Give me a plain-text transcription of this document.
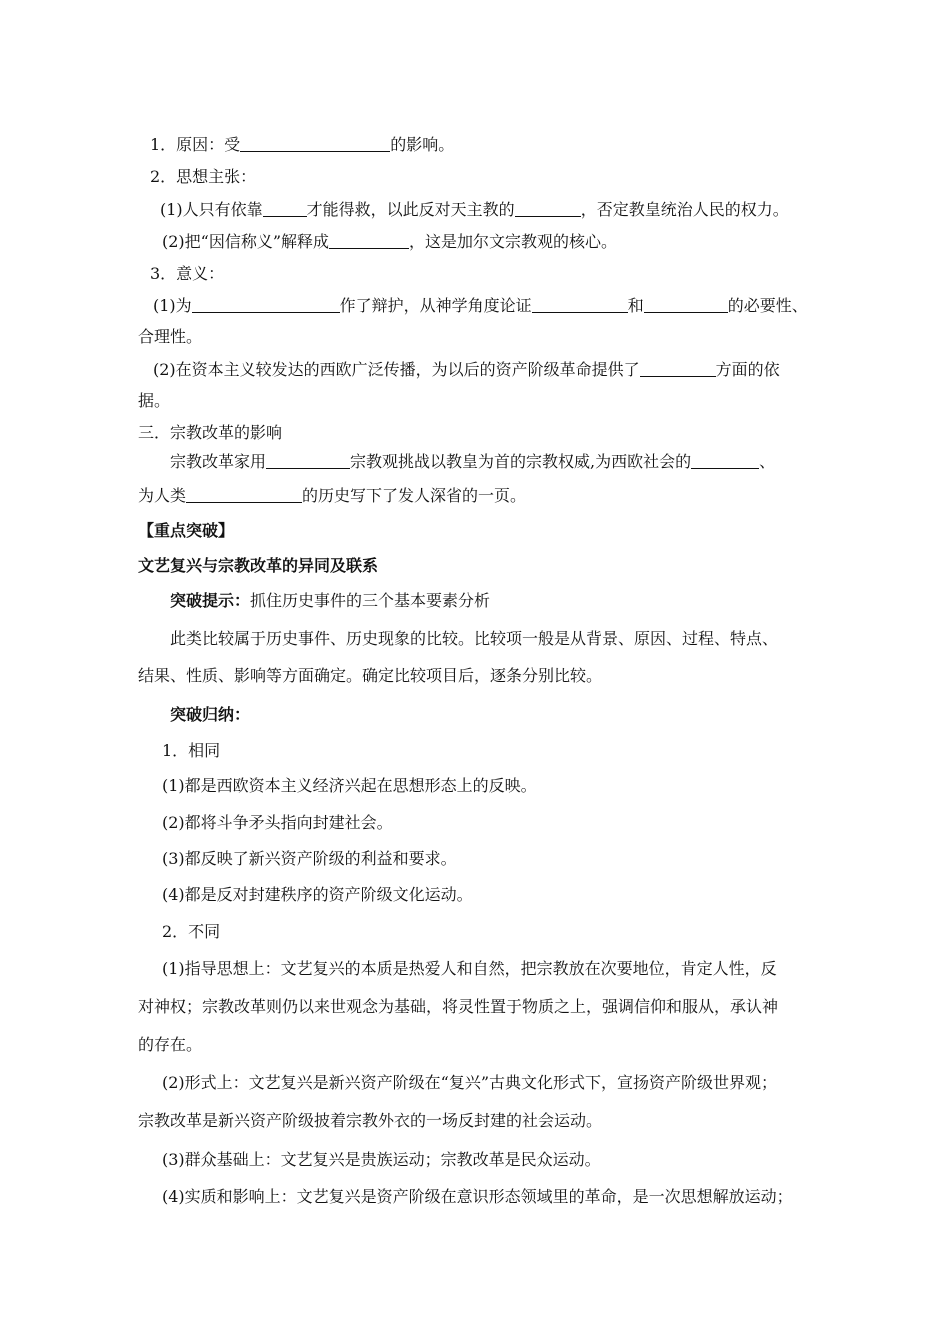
1．原因：受	的影响。
2．思想主张：
(1)人只有依靠	才能得救，以此反对天主教的	，否定教皇统治人民的权力。
(2)把“因信称义”解释成	，这是加尔文宗教观的核心。
3．意义：
(1)为	作了辩护，从神学角度论证	和	的必要性、
合理性。
(2)在资本主义较发达的西欧广泛传播，为以后的资产阶级革命提供了	方面的依
据。
三．宗教改革的影响
宗教改革家用	宗教观挑战以教皇为首的宗教权威,为西欧社会的	、
为人类	的历史写下了发人深省的一页。
【重点突破】
文艺复兴与宗教改革的异同及联系
突破提示：抓住历史事件的三个基本要素分析
此类比较属于历史事件、历史现象的比较。比较项一般是从背景、原因、过程、特点、
结果、性质、影响等方面确定。确定比较项目后，逐条分别比较。
突破归纳：
1．相同
(1)都是西欧资本主义经济兴起在思想形态上的反映。
(2)都将斗争矛头指向封建社会。
(3)都反映了新兴资产阶级的利益和要求。
(4)都是反对封建秩序的资产阶级文化运动。
2．不同
(1)指导思想上：文艺复兴的本质是热爱人和自然，把宗教放在次要地位，肯定人性，反
对神权；宗教改革则仍以来世观念为基础，将灵性置于物质之上，强调信仰和服从，承认神
的存在。
(2)形式上：文艺复兴是新兴资产阶级在“复兴”古典文化形式下，宣扬资产阶级世界观；
宗教改革是新兴资产阶级披着宗教外衣的一场反封建的社会运动。
(3)群众基础上：文艺复兴是贵族运动；宗教改革是民众运动。
(4)实质和影响上：文艺复兴是资产阶级在意识形态领域里的革命，是一次思想解放运动；
